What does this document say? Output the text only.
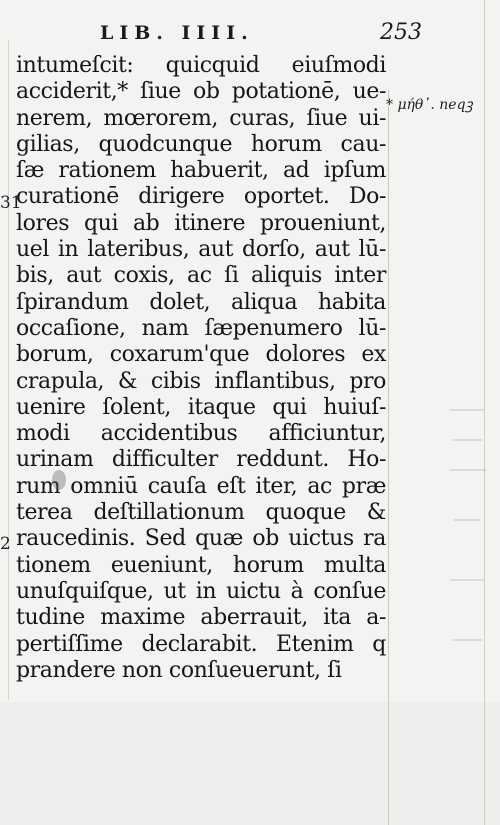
LIB. IIII.	253
* μήθ᾽. neqꝫ
31
2
intumeſcit: quicquid eiuſmodi
acciderit,* ſiue ob potationē, ue-
nerem, mœrorem, curas, ſiue ui-
gilias, quodcunque horum cau-
ſæ rationem habuerit, ad ipſum
curationē dirigere oportet. Do-
lores qui ab itinere proueniunt,
uel in lateribus, aut dorſo, aut lū-
bis, aut coxis, ac ſi aliquis inter
ſpirandum dolet, aliqua habita
occaſione, nam ſæpenumero lū-
borum, coxarum'que dolores ex
crapula, & cibis inflantibus, pro
uenire ſolent, itaque qui huiuſ-
modi accidentibus afficiuntur,
urinam difficulter reddunt. Ho-
rum omniū cauſa eſt iter, ac præ
terea deſtillationum quoque &
raucedinis. Sed quæ ob uictus ra
tionem eueniunt, horum multa
unuſquiſque, ut in uictu à conſue
tudine maxime aberrauit, ita a-
pertiſſime declarabit. Etenim q
prandere non conſueuerunt, ſi
